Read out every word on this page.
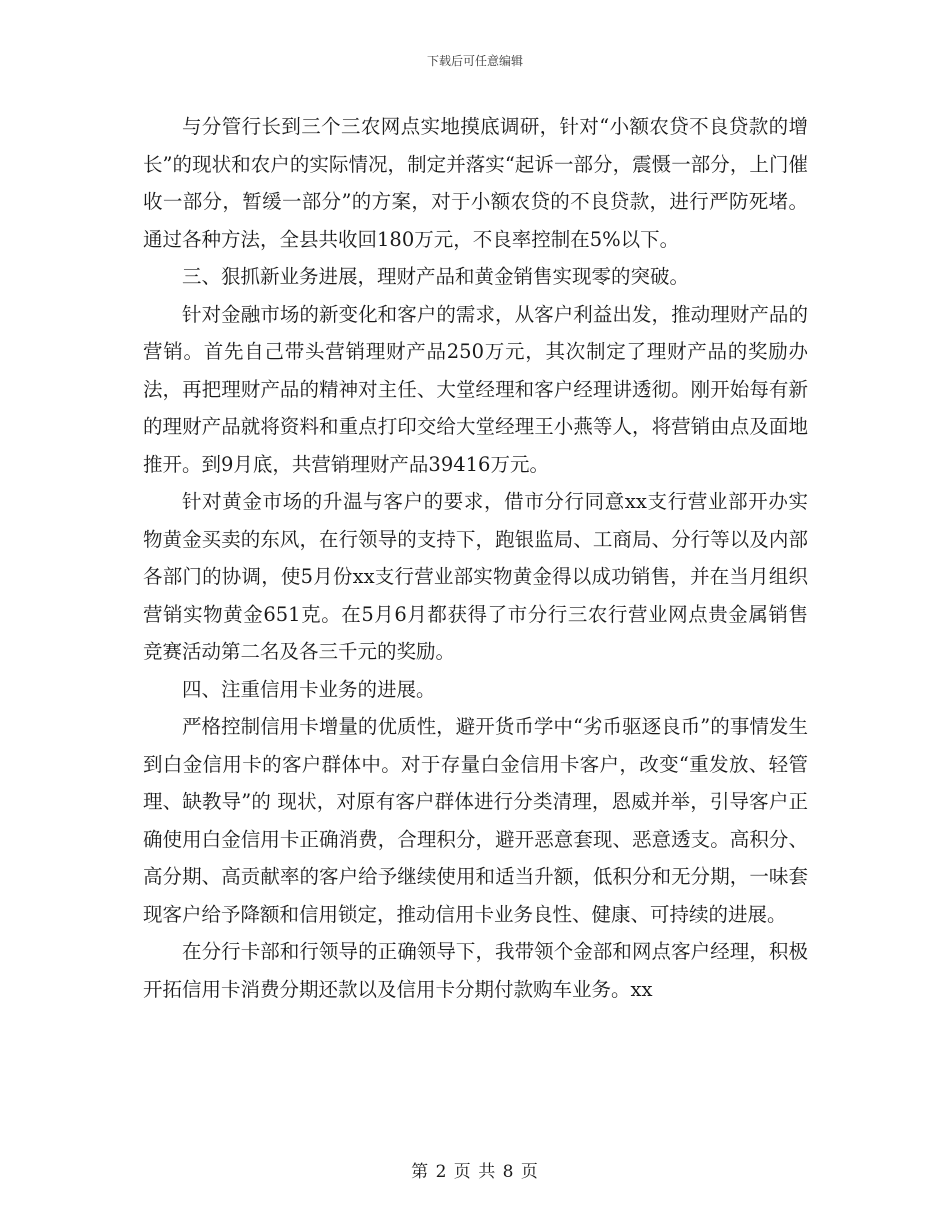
下载后可任意编辑

与分管行长到三个三农网点实地摸底调研，针对“小额农贷不良贷款的增长”的现状和农户的实际情况，制定并落实“起诉一部分，震慑一部分，上门催收一部分，暂缓一部分”的方案，对于小额农贷的不良贷款，进行严防死堵。通过各种方法，全县共收回180万元，不良率控制在5%以下。

三、狠抓新业务进展，理财产品和黄金销售实现零的突破。

针对金融市场的新变化和客户的需求，从客户利益出发，推动理财产品的营销。首先自己带头营销理财产品250万元，其次制定了理财产品的奖励办法，再把理财产品的精神对主任、大堂经理和客户经理讲透彻。刚开始每有新的理财产品就将资料和重点打印交给大堂经理王小燕等人，将营销由点及面地推开。到9月底，共营销理财产品39416万元。

针对黄金市场的升温与客户的要求，借市分行同意xx支行营业部开办实物黄金买卖的东风，在行领导的支持下，跑银监局、工商局、分行等以及内部各部门的协调，使5月份xx支行营业部实物黄金得以成功销售，并在当月组织营销实物黄金651克。在5月6月都获得了市分行三农行营业网点贵金属销售竞赛活动第二名及各三千元的奖励。

四、注重信用卡业务的进展。

严格控制信用卡增量的优质性，避开货币学中“劣币驱逐良币”的事情发生到白金信用卡的客户群体中。对于存量白金信用卡客户，改变“重发放、轻管理、缺教导”的 现状，对原有客户群体进行分类清理，恩威并举，引导客户正确使用白金信用卡正确消费，合理积分，避开恶意套现、恶意透支。高积分、高分期、高贡献率的客户给予继续使用和适当升额，低积分和无分期，一味套现客户给予降额和信用锁定，推动信用卡业务良性、健康、可持续的进展。

在分行卡部和行领导的正确领导下，我带领个金部和网点客户经理，积极开拓信用卡消费分期还款以及信用卡分期付款购车业务。xx

第 2 页 共 8 页
